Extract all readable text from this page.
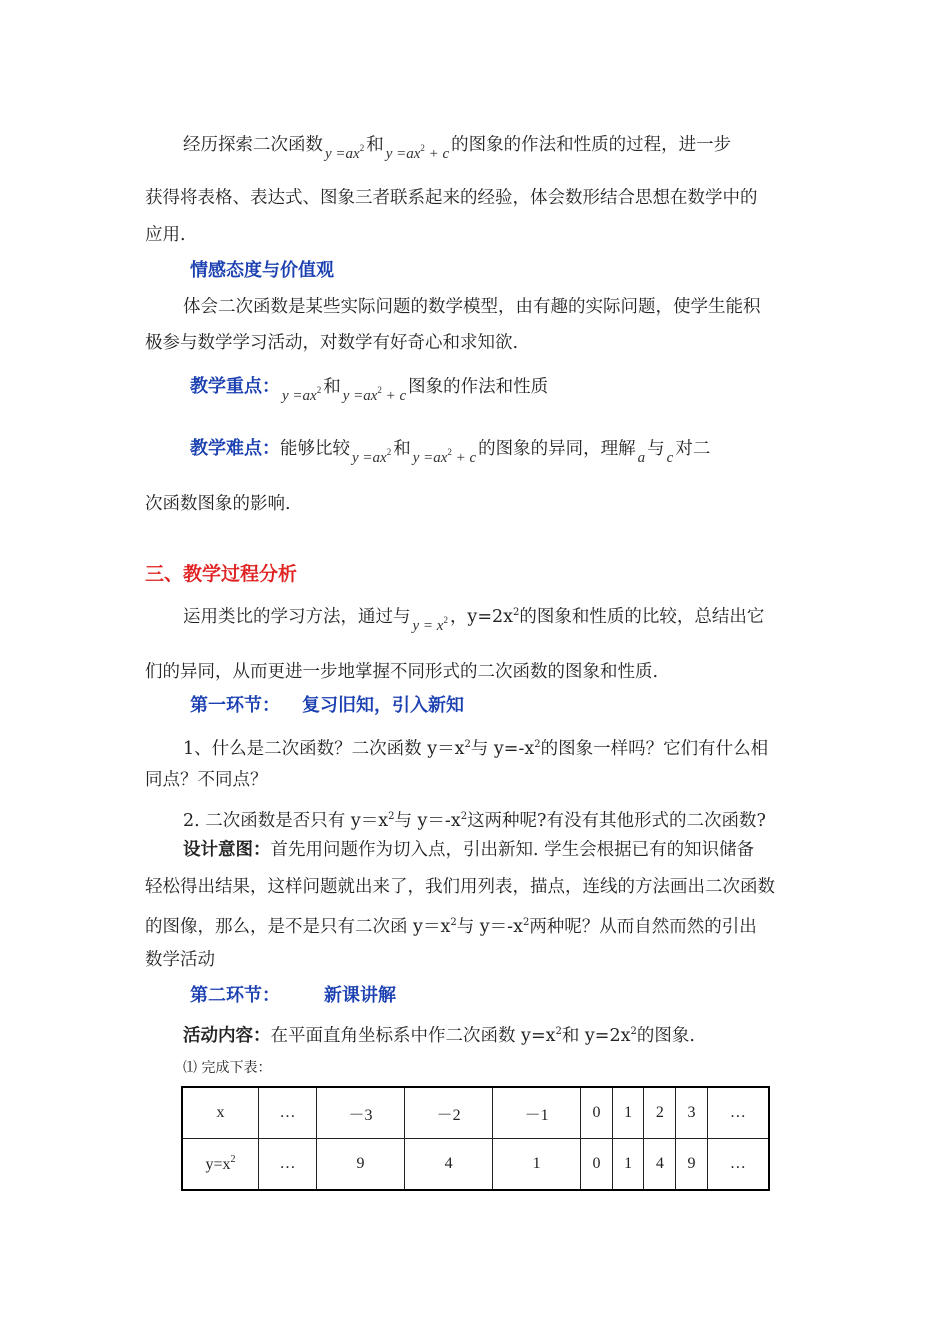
经历探索二次函数 $y =ax^2$ 和 $y =ax^2 + c$ 的图象的作法和性质的过程，进一步
获得将表格、表达式、图象三者联系起来的经验，体会数形结合思想在数学中的
应用.
情感态度与价值观
体会二次函数是某些实际问题的数学模型，由有趣的实际问题，使学生能积
极参与数学学习活动，对数学有好奇心和求知欲.
教学重点： $y =ax^2$ 和 $y =ax^2 + c$ 图象的作法和性质
教学难点：能够比较 $y =ax^2$ 和 $y =ax^2 + c$ 的图象的异同，理解 a 与 c 对二
次函数图象的影响.
三、教学过程分析
运用类比的学习方法，通过与 $y = x^2$ ，$y=2x^2$的图象和性质的比较，总结出它
们的异同，从而更进一步地掌握不同形式的二次函数的图象和性质.
第一环节： 复习旧知，引入新知
1、什么是二次函数？二次函数 $y=x^2$与 $y=-x^2$的图象一样吗？它们有什么相
同点？不同点？
2. 二次函数是否只有 $y=x^2$与 $y=-x^2$这两种呢?有没有其他形式的二次函数?
设计意图：首先用问题作为切入点，引出新知. 学生会根据已有的知识储备
轻松得出结果，这样问题就出来了，我们用列表，描点，连线的方法画出二次函数
的图像，那么，是不是只有二次函 $y=x^2$与 $y=-x^2$两种呢？从而自然而然的引出
数学活动
第二环节： 新课讲解
活动内容：在平面直角坐标系中作二次函数 $y=x^2$和 $y=2x^2$的图象.
⑴ 完成下表：
x	…	－3	－2	－1	0	1	2	3	…
$y=x^2$	…	9	4	1	0	1	4	9	…
